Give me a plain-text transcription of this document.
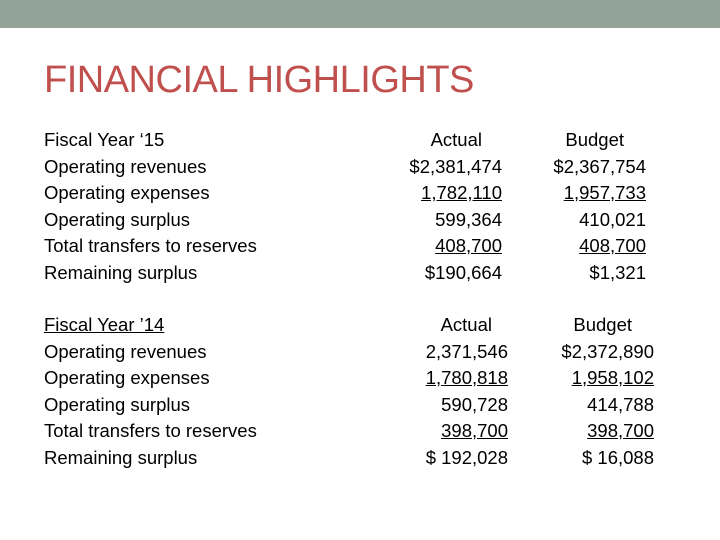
FINANCIAL HIGHLIGHTS
Fiscal Year ‘15	Actual	Budget
Operating revenues	$2,381,474	$2,367,754
Operating expenses	1,782,110	1,957,733
Operating surplus	599,364	410,021
Total transfers to reserves	408,700	408,700
Remaining surplus	$190,664	$1,321
Fiscal Year ’14	Actual	Budget
Operating revenues	2,371,546	$2,372,890
Operating expenses	1,780,818	1,958,102
Operating surplus	590,728	414,788
Total transfers to reserves	398,700	398,700
Remaining surplus	$ 192,028	$ 16,088
